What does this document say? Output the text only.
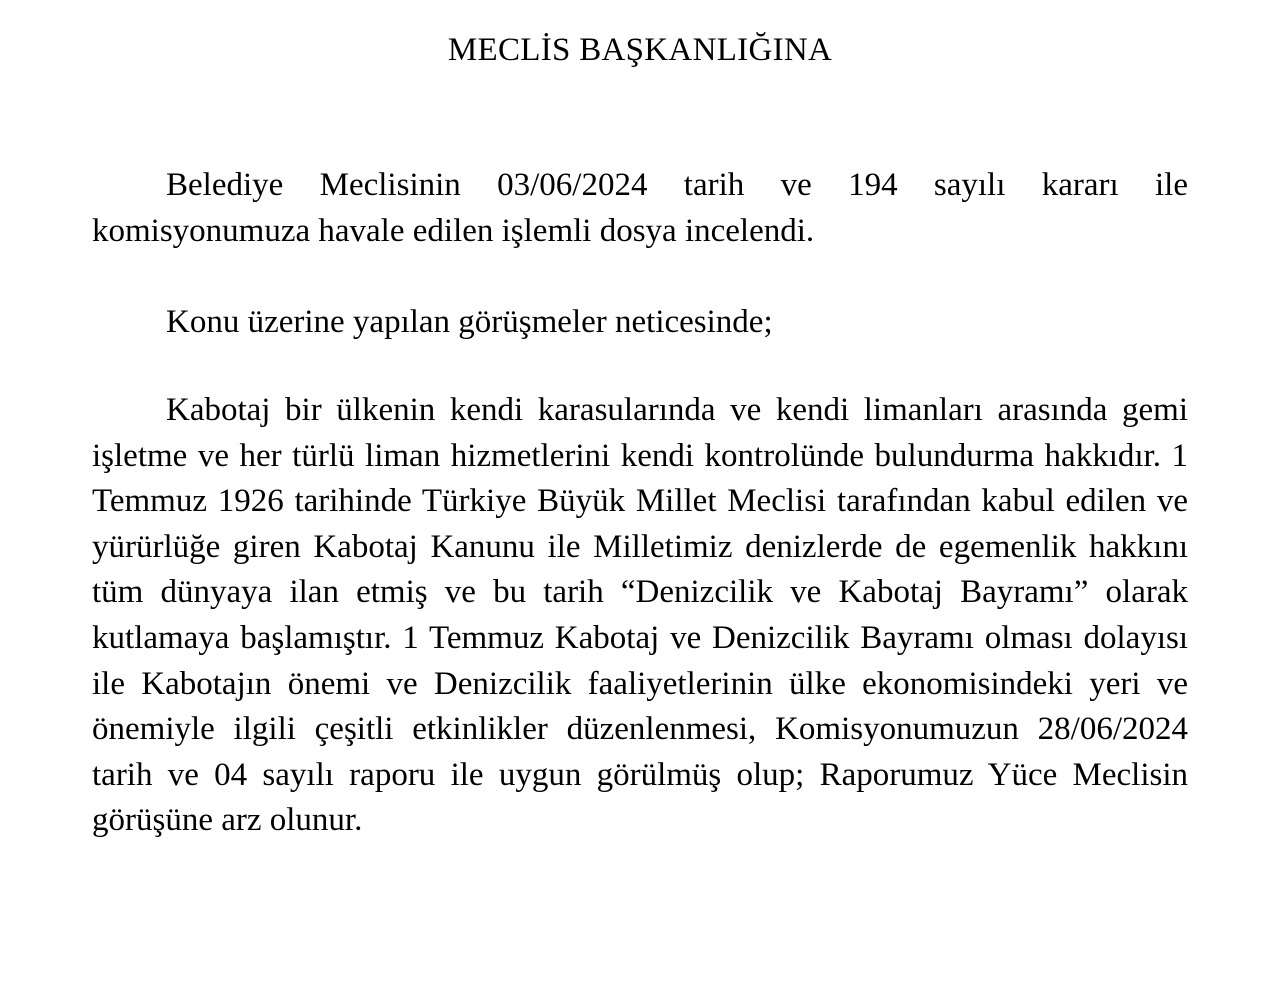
MECLİS BAŞKANLIĞINA

Belediye Meclisinin 03/06/2024 tarih ve 194 sayılı kararı ile komisyonumuza havale edilen işlemli dosya incelendi.

Konu üzerine yapılan görüşmeler neticesinde;

Kabotaj bir ülkenin kendi karasularında ve kendi limanları arasında gemi işletme ve her türlü liman hizmetlerini kendi kontrolünde bulundurma hakkıdır. 1 Temmuz 1926 tarihinde Türkiye Büyük Millet Meclisi tarafından kabul edilen ve yürürlüğe giren Kabotaj Kanunu ile Milletimiz denizlerde de egemenlik hakkını tüm dünyaya ilan etmiş ve bu tarih “Denizcilik ve Kabotaj Bayramı” olarak kutlamaya başlamıştır. 1 Temmuz Kabotaj ve Denizcilik Bayramı olması dolayısı ile Kabotajın önemi ve Denizcilik faaliyetlerinin ülke ekonomisindeki yeri ve önemiyle ilgili çeşitli etkinlikler düzenlenmesi, Komisyonumuzun 28/06/2024 tarih ve 04 sayılı raporu ile uygun görülmüş olup; Raporumuz Yüce Meclisin görüşüne arz olunur.
